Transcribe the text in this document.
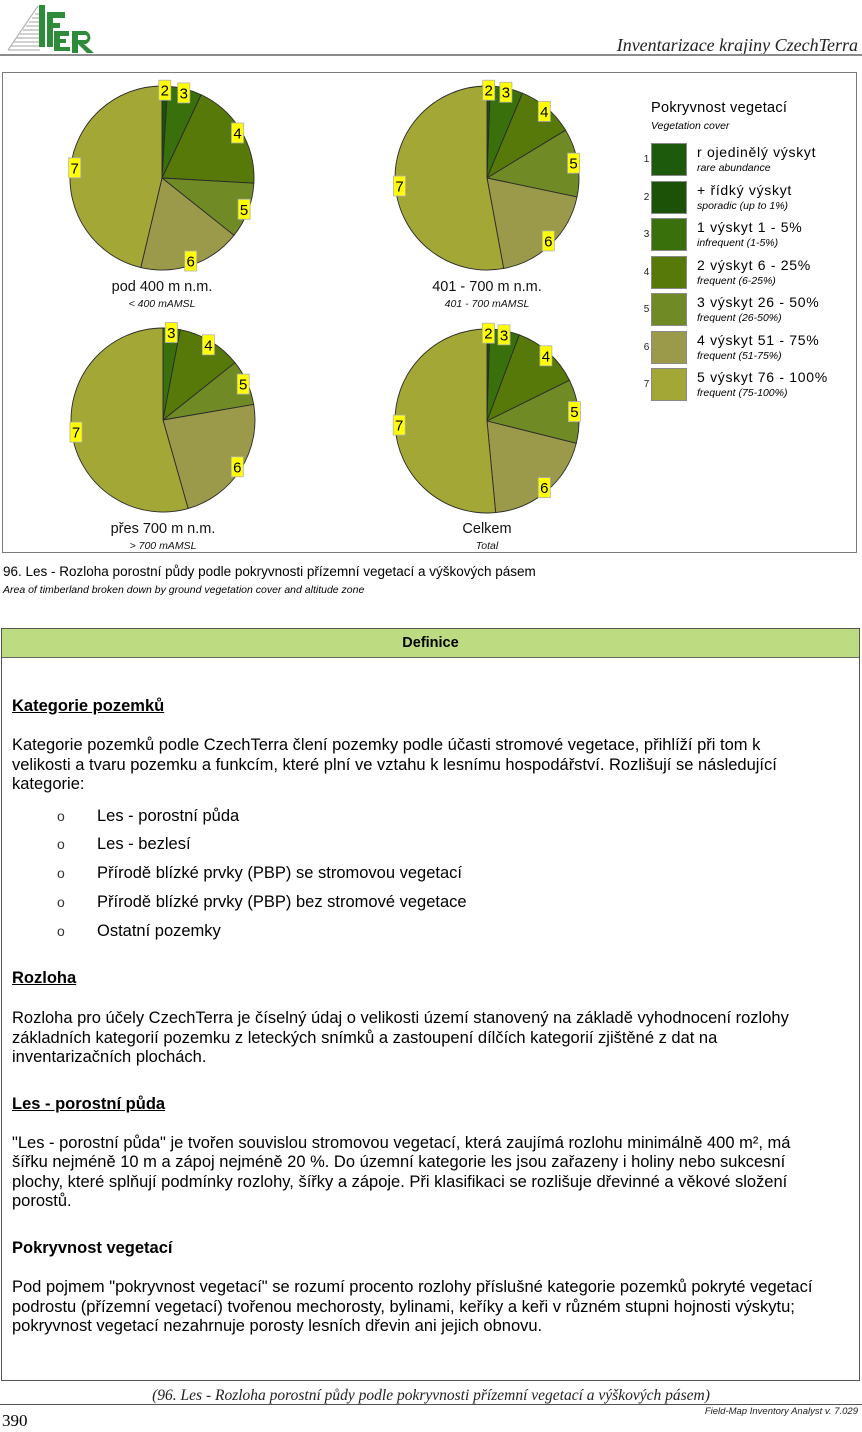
Inventarizace krajiny CzechTerra
2 3
4
5
6
7
2 3
4
5
6
7
3
4
5
6
7
2 3
4
5
6
7
pod 400 m n.m.
< 400 mAMSL
401 - 700 m n.m.
401 - 700 mAMSL
přes 700 m n.m.
> 700 mAMSL
Celkem
Total
Pokryvnost vegetací
Vegetation cover
1	r ojedinělý výskyt
rare abundance
2	+ řídký výskyt
sporadic (up to 1%)
3	1 výskyt 1 - 5%
infrequent (1-5%)
4	2 výskyt 6 - 25%
frequent (6-25%)
5	3 výskyt 26 - 50%
frequent (26-50%)
6	4 výskyt 51 - 75%
frequent (51-75%)
7	5 výskyt 76 - 100%
frequent (75-100%)
96. Les - Rozloha porostní půdy podle pokryvnosti přízemní vegetací a výškových pásem
Area of timberland broken down by ground vegetation cover and altitude zone
Definice
Kategorie pozemků
Kategorie pozemků podle CzechTerra člení pozemky podle účasti stromové vegetace, přihlíží při tom k
velikosti a tvaru pozemku a funkcím, které plní ve vztahu k lesnímu hospodářství. Rozlišují se následující
kategorie:
o Les - porostní půda
o Les - bezlesí
o Přírodě blízké prvky (PBP) se stromovou vegetací
o Přírodě blízké prvky (PBP) bez stromové vegetace
o Ostatní pozemky
Rozloha
Rozloha pro účely CzechTerra je číselný údaj o velikosti území stanovený na základě vyhodnocení rozlohy
základních kategorií pozemku z leteckých snímků a zastoupení dílčích kategorií zjištěné z dat na
inventarizačních plochách.
Les - porostní půda
"Les - porostní půda" je tvořen souvislou stromovou vegetací, která zaujímá rozlohu minimálně 400 m², má
šířku nejméně 10 m a zápoj nejméně 20 %. Do územní kategorie les jsou zařazeny i holiny nebo sukcesní
plochy, které splňují podmínky rozlohy, šířky a zápoje. Při klasifikaci se rozlišuje dřevinné a věkové složení
porostů.
Pokryvnost vegetací
Pod pojmem "pokryvnost vegetací" se rozumí procento rozlohy příslušné kategorie pozemků pokryté vegetací
podrostu (přízemní vegetací) tvořenou mechorosty, bylinami, keříky a keři v různém stupni hojnosti výskytu;
pokryvnost vegetací nezahrnuje porosty lesních dřevin ani jejich obnovu.
(96. Les - Rozloha porostní půdy podle pokryvnosti přízemní vegetací a výškových pásem)
390	Field-Map Inventory Analyst v. 7.029
